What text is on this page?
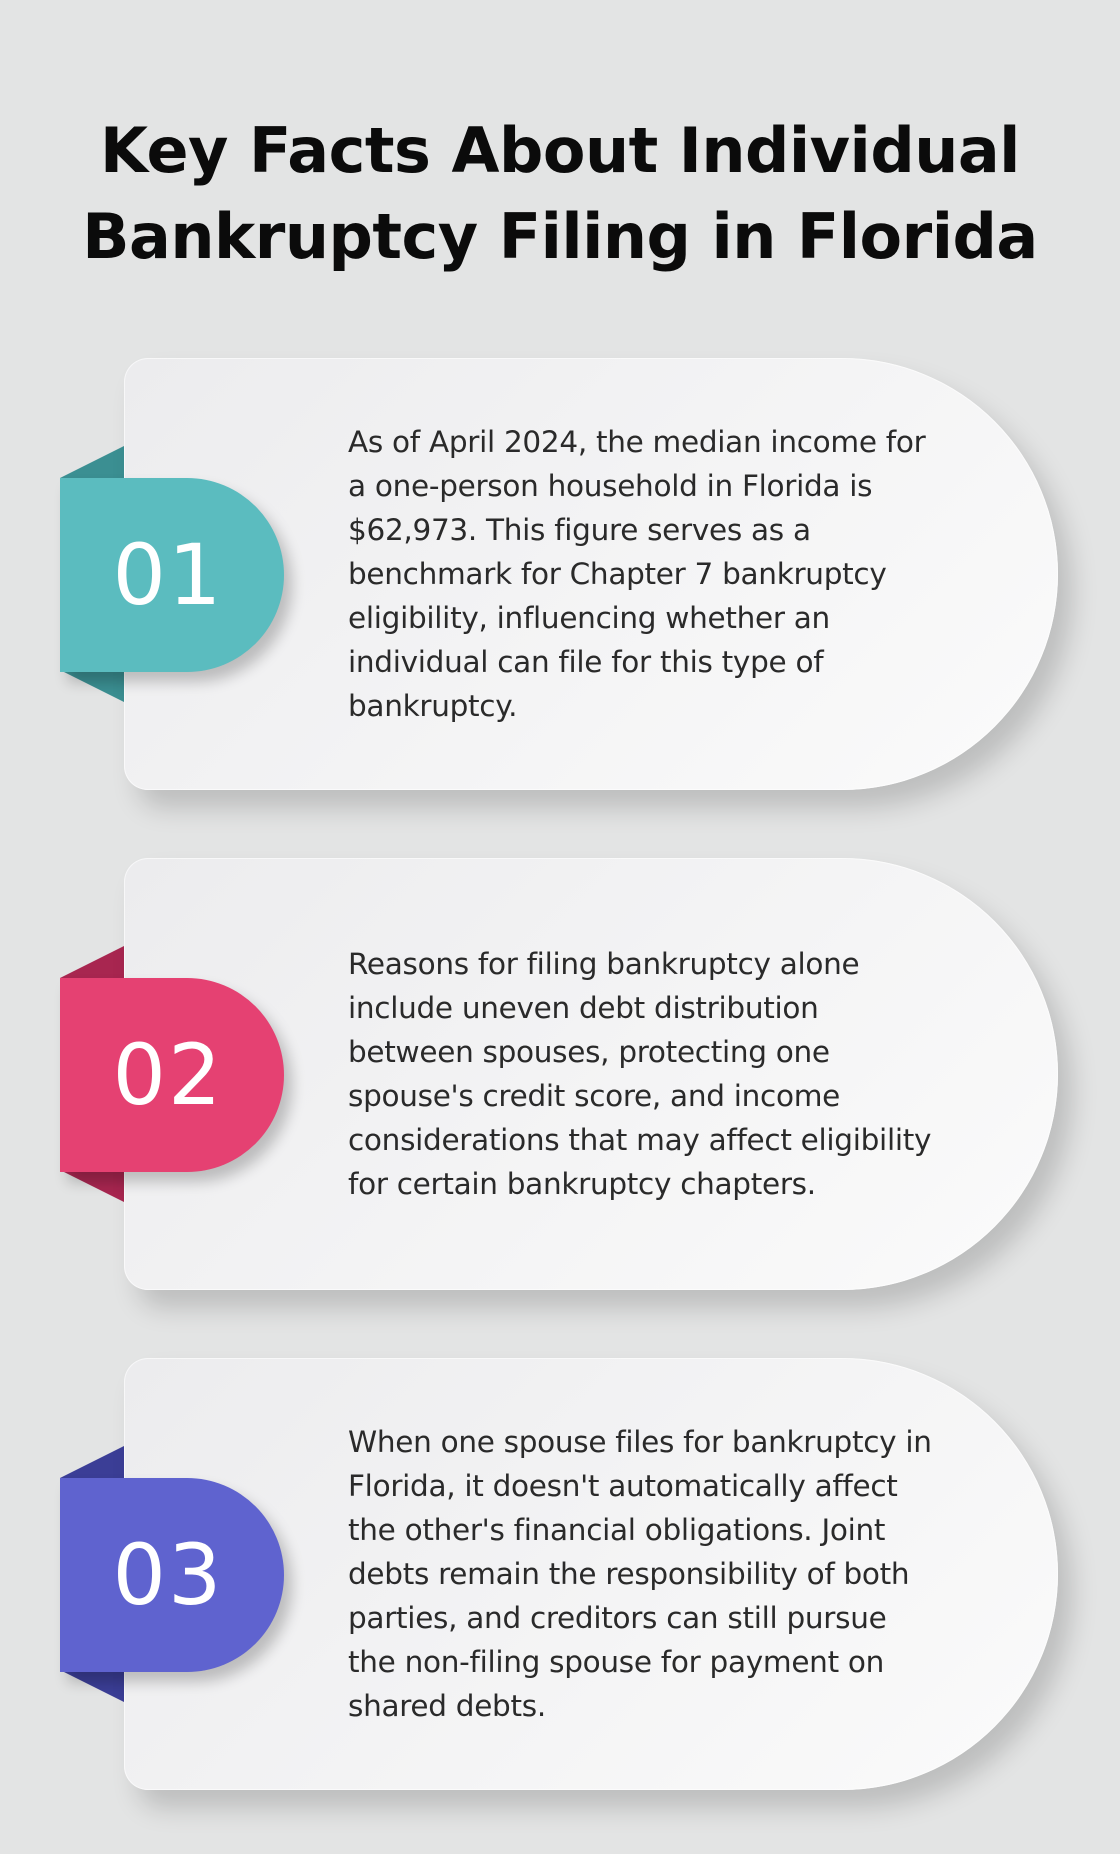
Key Facts About Individual
Bankruptcy Filing in Florida
As of April 2024, the median income for a one-person household in Florida is $62,973. This figure serves as a benchmark for Chapter 7 bankruptcy eligibility, influencing whether an individual can file for this type of bankruptcy.
01
Reasons for filing bankruptcy alone include uneven debt distribution between spouses, protecting one spouse's credit score, and income considerations that may affect eligibility for certain bankruptcy chapters.
02
When one spouse files for bankruptcy in Florida, it doesn't automatically affect the other's financial obligations. Joint debts remain the responsibility of both parties, and creditors can still pursue the non-filing spouse for payment on shared debts.
03
